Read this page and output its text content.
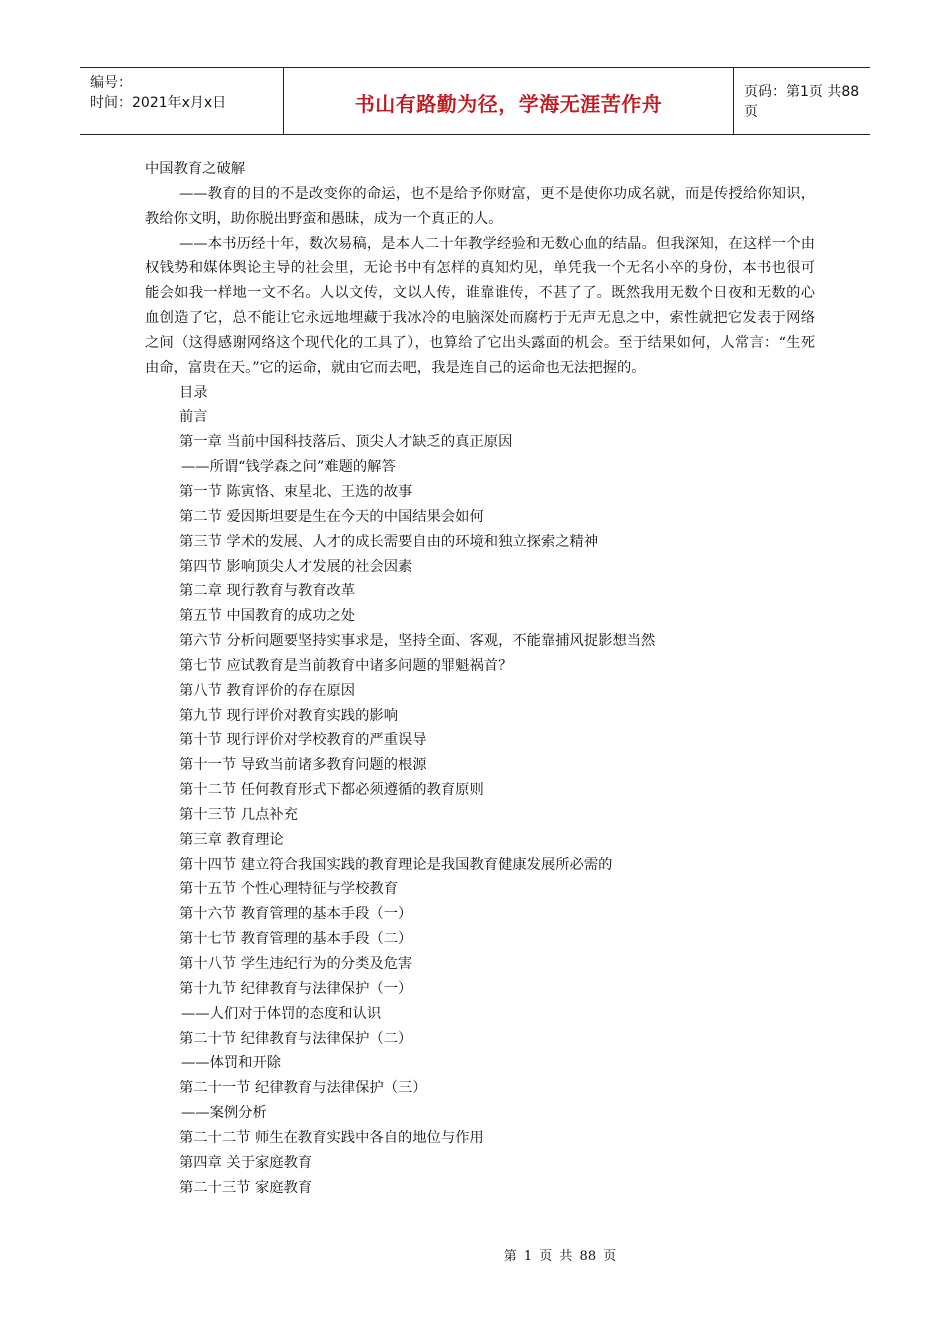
编号：
时间：2021年x月x日	书山有路勤为径，学海无涯苦作舟	页码：第1页 共88页

中国教育之破解

——教育的目的不是改变你的命运，也不是给予你财富，更不是使你功成名就，而是传授给你知识，教给你文明，助你脱出野蛮和愚昧，成为一个真正的人。

——本书历经十年，数次易稿，是本人二十年教学经验和无数心血的结晶。但我深知，在这样一个由权钱势和媒体舆论主导的社会里，无论书中有怎样的真知灼见，单凭我一个无名小卒的身份，本书也很可能会如我一样地一文不名。人以文传，文以人传，谁靠谁传，不甚了了。既然我用无数个日夜和无数的心血创造了它，总不能让它永远地埋藏于我冰冷的电脑深处而腐朽于无声无息之中，索性就把它发表于网络之间（这得感谢网络这个现代化的工具了），也算给了它出头露面的机会。至于结果如何，人常言：“生死由命，富贵在天。”它的运命，就由它而去吧，我是连自己的运命也无法把握的。

目录

前言

第一章 当前中国科技落后、顶尖人才缺乏的真正原因

——所谓“钱学森之问”难题的解答

第一节 陈寅恪、束星北、王选的故事

第二节 爱因斯坦要是生在今天的中国结果会如何

第三节 学术的发展、人才的成长需要自由的环境和独立探索之精神

第四节 影响顶尖人才发展的社会因素

第二章 现行教育与教育改革

第五节 中国教育的成功之处

第六节 分析问题要坚持实事求是，坚持全面、客观，不能靠捕风捉影想当然

第七节 应试教育是当前教育中诸多问题的罪魁祸首？

第八节 教育评价的存在原因

第九节 现行评价对教育实践的影响

第十节 现行评价对学校教育的严重误导

第十一节 导致当前诸多教育问题的根源

第十二节 任何教育形式下都必须遵循的教育原则

第十三节 几点补充

第三章 教育理论

第十四节 建立符合我国实践的教育理论是我国教育健康发展所必需的

第十五节 个性心理特征与学校教育

第十六节 教育管理的基本手段（一）

第十七节 教育管理的基本手段（二）

第十八节 学生违纪行为的分类及危害

第十九节 纪律教育与法律保护（一）

——人们对于体罚的态度和认识

第二十节 纪律教育与法律保护（二）

——体罚和开除

第二十一节 纪律教育与法律保护（三）

——案例分析

第二十二节 师生在教育实践中各自的地位与作用

第四章 关于家庭教育

第二十三节 家庭教育

第 1 页 共 88 页
